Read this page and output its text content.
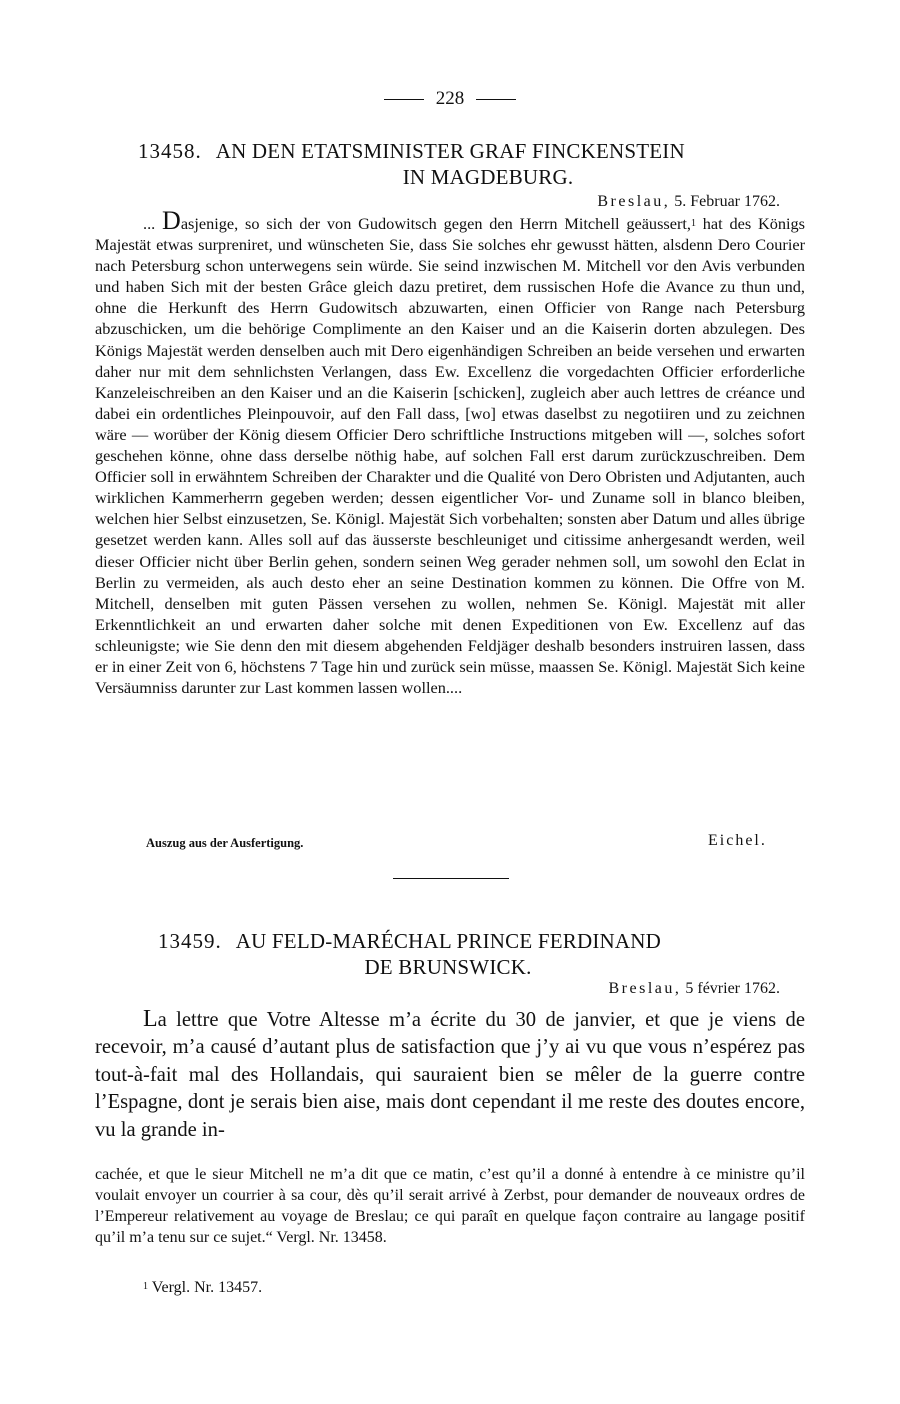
228
13458. AN DEN ETATSMINISTER GRAF FINCKENSTEIN
IN MAGDEBURG.
Breslau, 5. Februar 1762.

... Dasjenige, so sich der von Gudowitsch gegen den Herrn Mitchell geäussert,1 hat des Königs Majestät etwas surpreniret, und wünscheten Sie, dass Sie solches ehr gewusst hätten, alsdenn Dero Courier nach Petersburg schon unterwegens sein würde. Sie seind inzwischen M. Mitchell vor den Avis verbunden und haben Sich mit der besten Grâce gleich dazu pretiret, dem russischen Hofe die Avance zu thun und, ohne die Herkunft des Herrn Gudowitsch abzuwarten, einen Officier von Range nach Petersburg abzuschicken, um die behörige Complimente an den Kaiser und an die Kaiserin dorten abzulegen. Des Königs Majestät werden denselben auch mit Dero eigenhändigen Schreiben an beide versehen und erwarten daher nur mit dem sehnlichsten Verlangen, dass Ew. Excellenz die vorgedachten Officier erforderliche Kanzeleischreiben an den Kaiser und an die Kaiserin [schicken], zugleich aber auch lettres de créance und dabei ein ordentliches Pleinpouvoir, auf den Fall dass, [wo] etwas daselbst zu negotiiren und zu zeichnen wäre — worüber der König diesem Officier Dero schriftliche Instructions mitgeben will —, solches sofort geschehen könne, ohne dass derselbe nöthig habe, auf solchen Fall erst darum zurückzuschreiben. Dem Officier soll in erwähntem Schreiben der Charakter und die Qualité von Dero Obristen und Adjutanten, auch wirklichen Kammerherrn gegeben werden; dessen eigentlicher Vor- und Zuname soll in blanco bleiben, welchen hier Selbst einzusetzen, Se. Königl. Majestät Sich vorbehalten; sonsten aber Datum und alles übrige gesetzet werden kann. Alles soll auf das äusserste beschleuniget und citissime anhergesandt werden, weil dieser Officier nicht über Berlin gehen, sondern seinen Weg gerader nehmen soll, um sowohl den Eclat in Berlin zu vermeiden, als auch desto eher an seine Destination kommen zu können. Die Offre von M. Mitchell, denselben mit guten Pässen versehen zu wollen, nehmen Se. Königl. Majestät mit aller Erkenntlichkeit an und erwarten daher solche mit denen Expeditionen von Ew. Excellenz auf das schleunigste; wie Sie denn den mit diesem abgehenden Feldjäger deshalb besonders instruiren lassen, dass er in einer Zeit von 6, höchstens 7 Tage hin und zurück sein müsse, maassen Se. Königl. Majestät Sich keine Versäumniss darunter zur Last kommen lassen wollen....

Auszug aus der Ausfertigung.	Eichel.
13459. AU FELD-MARÉCHAL PRINCE FERDINAND
DE BRUNSWICK.
Breslau, 5 février 1762.

La lettre que Votre Altesse m’a écrite du 30 de janvier, et que je viens de recevoir, m’a causé d’autant plus de satisfaction que j’y ai vu que vous n’espérez pas tout-à-fait mal des Hollandais, qui sauraient bien se mêler de la guerre contre l’Espagne, dont je serais bien aise, mais dont cependant il me reste des doutes encore, vu la grande in-

cachée, et que le sieur Mitchell ne m’a dit que ce matin, c’est qu’il a donné à entendre à ce ministre qu’il voulait envoyer un courrier à sa cour, dès qu’il serait arrivé à Zerbst, pour demander de nouveaux ordres de l’Empereur relativement au voyage de Breslau; ce qui paraît en quelque façon contraire au langage positif qu’il m’a tenu sur ce sujet.“ Vergl. Nr. 13458.

1 Vergl. Nr. 13457.
